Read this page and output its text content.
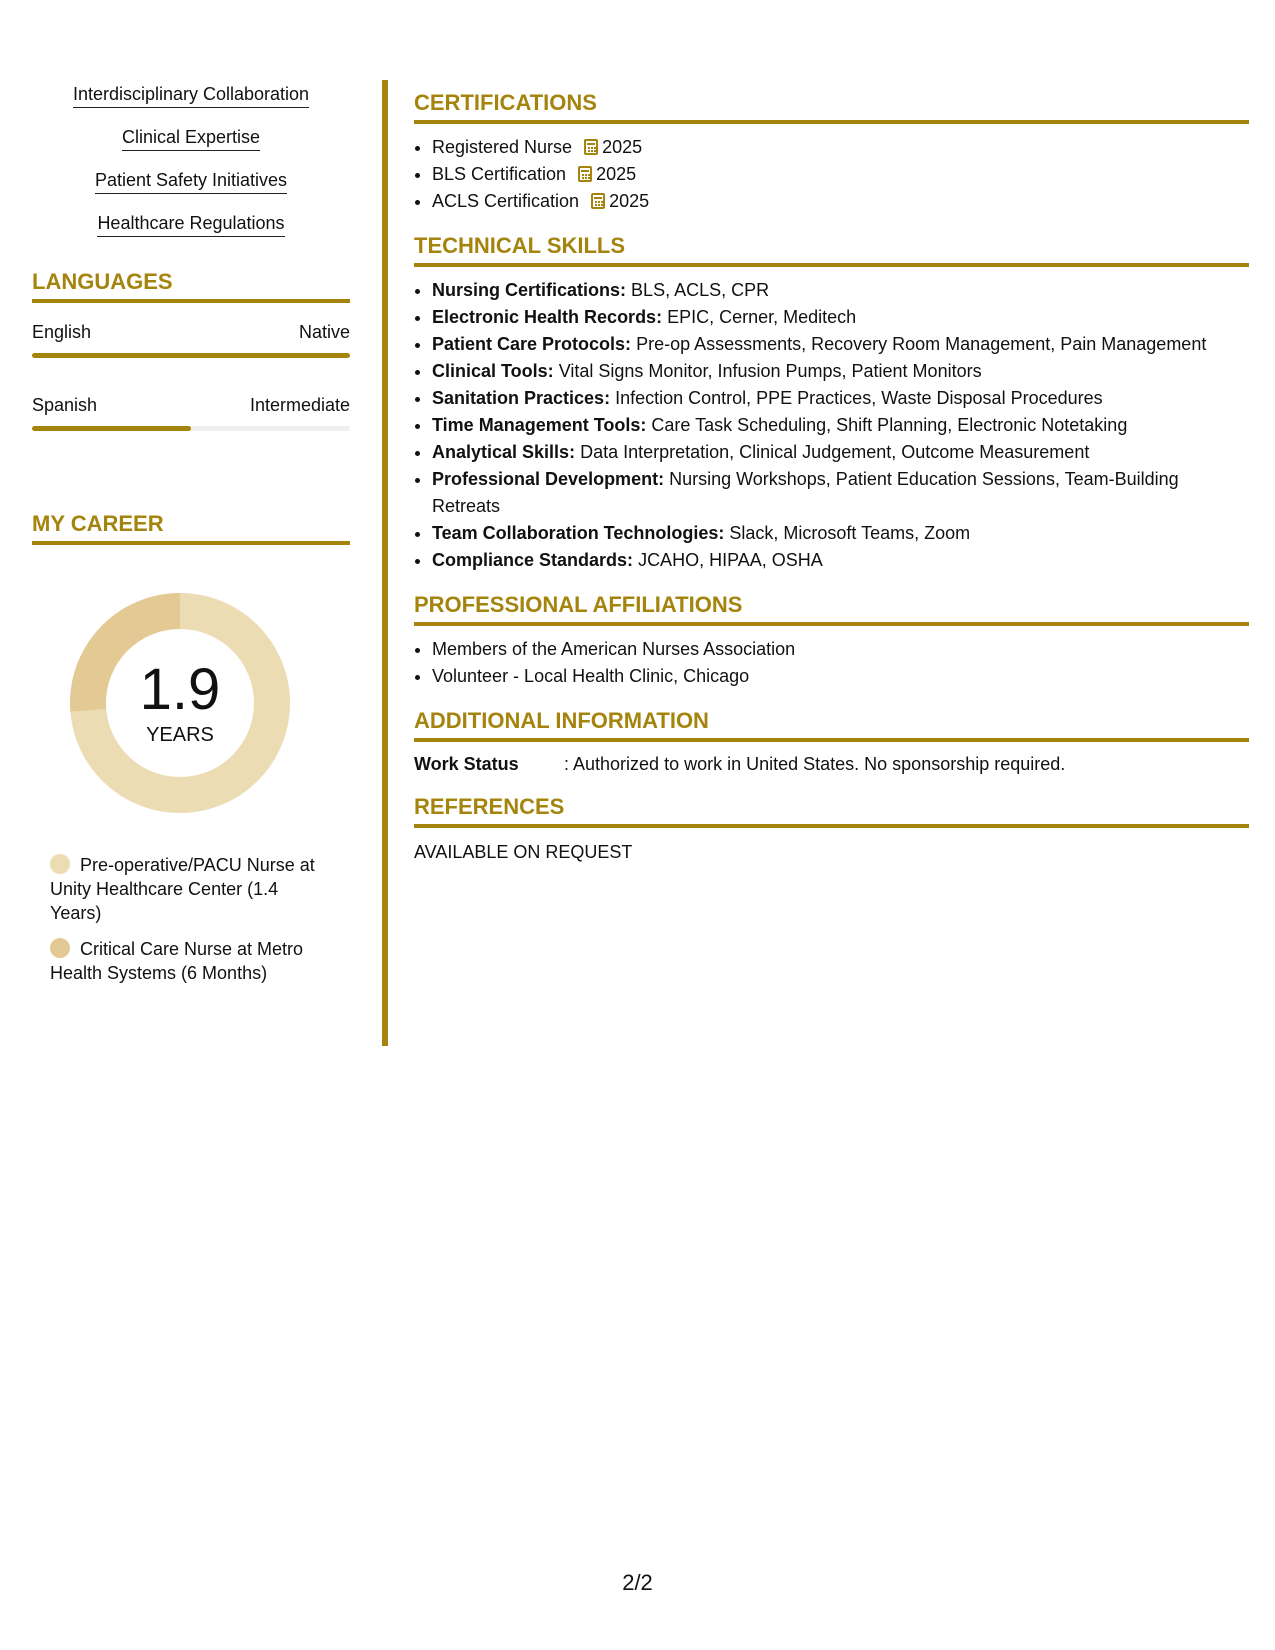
Interdisciplinary Collaboration
Clinical Expertise
Patient Safety Initiatives
Healthcare Regulations
LANGUAGES
English	Native
Spanish	Intermediate
MY CAREER
1.9
YEARS
Pre-operative/PACU Nurse at Unity Healthcare Center (1.4 Years)
Critical Care Nurse at Metro Health Systems (6 Months)
CERTIFICATIONS
• Registered Nurse 2025
• BLS Certification 2025
• ACLS Certification 2025
TECHNICAL SKILLS
• Nursing Certifications: BLS, ACLS, CPR
• Electronic Health Records: EPIC, Cerner, Meditech
• Patient Care Protocols: Pre-op Assessments, Recovery Room Management, Pain Management
• Clinical Tools: Vital Signs Monitor, Infusion Pumps, Patient Monitors
• Sanitation Practices: Infection Control, PPE Practices, Waste Disposal Procedures
• Time Management Tools: Care Task Scheduling, Shift Planning, Electronic Notetaking
• Analytical Skills: Data Interpretation, Clinical Judgement, Outcome Measurement
• Professional Development: Nursing Workshops, Patient Education Sessions, Team-Building Retreats
• Team Collaboration Technologies: Slack, Microsoft Teams, Zoom
• Compliance Standards: JCAHO, HIPAA, OSHA
PROFESSIONAL AFFILIATIONS
• Members of the American Nurses Association
• Volunteer - Local Health Clinic, Chicago
ADDITIONAL INFORMATION
Work Status	: Authorized to work in United States. No sponsorship required.
REFERENCES
AVAILABLE ON REQUEST
2/2
